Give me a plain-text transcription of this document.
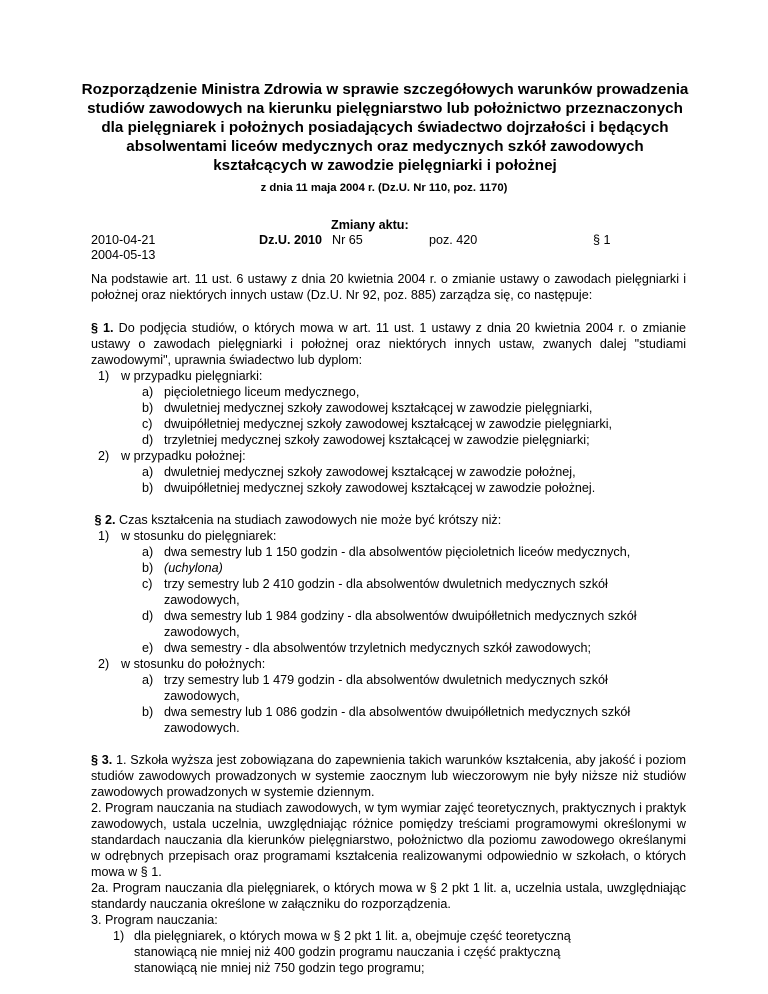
Rozporządzenie Ministra Zdrowia w sprawie szczegółowych warunków prowadzenia studiów zawodowych na kierunku pielęgniarstwo lub położnictwo przeznaczonych dla pielęgniarek i położnych posiadających świadectwo dojrzałości i będących absolwentami liceów medycznych oraz medycznych szkół zawodowych kształcących w zawodzie pielęgniarki i położnej
z dnia 11 maja 2004 r. (Dz.U. Nr 110, poz. 1170)
Zmiany aktu:
2010-04-21
2004-05-13
Dz.U. 2010 Nr 65	poz. 420	§ 1

Na podstawie art. 11 ust. 6 ustawy z dnia 20 kwietnia 2004 r. o zmianie ustawy o zawodach pielęgniarki i położnej oraz niektórych innych ustaw (Dz.U. Nr 92, poz. 885) zarządza się, co następuje:

§ 1. Do podjęcia studiów, o których mowa w art. 11 ust. 1 ustawy z dnia 20 kwietnia 2004 r. o zmianie ustawy o zawodach pielęgniarki i położnej oraz niektórych innych ustaw, zwanych dalej "studiami zawodowymi", uprawnia świadectwo lub dyplom:

1) w przypadku pielęgniarki:
a) pięcioletniego liceum medycznego,
b) dwuletniej medycznej szkoły zawodowej kształcącej w zawodzie pielęgniarki,
c) dwuipółletniej medycznej szkoły zawodowej kształcącej w zawodzie pielęgniarki,
d) trzyletniej medycznej szkoły zawodowej kształcącej w zawodzie pielęgniarki;
2) w przypadku położnej:
a) dwuletniej medycznej szkoły zawodowej kształcącej w zawodzie położnej,
b) dwuipółletniej medycznej szkoły zawodowej kształcącej w zawodzie położnej.

§ 2. Czas kształcenia na studiach zawodowych nie może być krótszy niż:

1) w stosunku do pielęgniarek:
a) dwa semestry lub 1 150 godzin - dla absolwentów pięcioletnich liceów medycznych,
b) (uchylona)
c) trzy semestry lub 2 410 godzin - dla absolwentów dwuletnich medycznych szkół zawodowych,
d) dwa semestry lub 1 984 godziny - dla absolwentów dwuipółletnich medycznych szkół zawodowych,
e) dwa semestry - dla absolwentów trzyletnich medycznych szkół zawodowych;
2) w stosunku do położnych:
a) trzy semestry lub 1 479 godzin - dla absolwentów dwuletnich medycznych szkół zawodowych,
b) dwa semestry lub 1 086 godzin - dla absolwentów dwuipółletnich medycznych szkół zawodowych.

§ 3. 1. Szkoła wyższa jest zobowiązana do zapewnienia takich warunków kształcenia, aby jakość i poziom studiów zawodowych prowadzonych w systemie zaocznym lub wieczorowym nie były niższe niż studiów zawodowych prowadzonych w systemie dziennym.

2. Program nauczania na studiach zawodowych, w tym wymiar zajęć teoretycznych, praktycznych i praktyk zawodowych, ustala uczelnia, uwzględniając różnice pomiędzy treściami programowymi określonymi w standardach nauczania dla kierunków pielęgniarstwo, położnictwo dla poziomu zawodowego określanymi w odrębnych przepisach oraz programami kształcenia realizowanymi odpowiednio w szkołach, o których mowa w § 1.

2a. Program nauczania dla pielęgniarek, o których mowa w § 2 pkt 1 lit. a, uczelnia ustala, uwzględniając standardy nauczania określone w załączniku do rozporządzenia.

3. Program nauczania:

1) dla pielęgniarek, o których mowa w § 2 pkt 1 lit. a, obejmuje część teoretyczną stanowiącą nie mniej niż 400 godzin programu nauczania i część praktyczną stanowiącą nie mniej niż 750 godzin tego programu;
